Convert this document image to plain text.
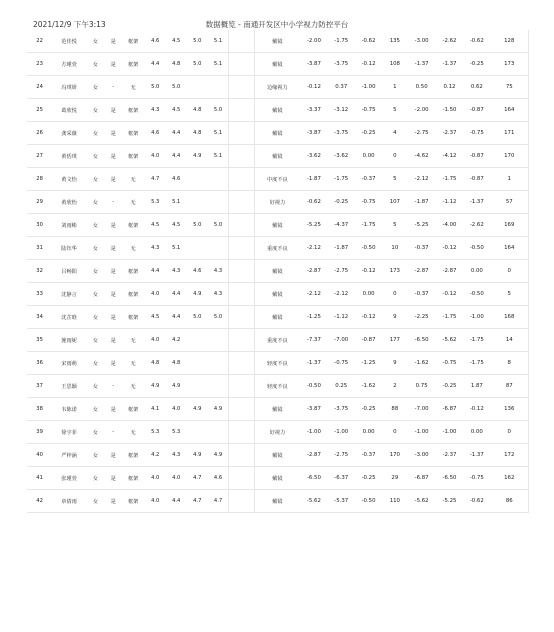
2021/12/9 下午3:13	数据概览 - 南通开发区中小学视力防控平台
22	范佳悦	女	是	框架	4.6	4.5	5.0	5.1			戴镜	-2.00	-1.75	-0.62	135	-3.00	-2.62	-0.62	128
23	方瑾萱	女	是	框架	4.4	4.8	5.0	5.1			戴镜	-3.87	-3.75	-0.12	108	-1.37	-1.37	-0.25	173
24	冯琪妍	女	-	无	5.0	5.0					边缘视力	-0.12	0.37	-1.00	1	0.50	0.12	0.62	75
25	葛欣悦	女	是	框架	4.3	4.5	4.8	5.0			戴镜	-3.37	-3.12	-0.75	5	-2.00	-1.50	-0.87	164
26	龚采薇	女	是	框架	4.6	4.4	4.8	5.1			戴镜	-3.87	-3.75	-0.25	4	-2.75	-2.37	-0.75	171
27	黄恬琪	女	是	框架	4.0	4.4	4.9	5.1			戴镜	-3.62	-3.62	0.00	0	-4.62	-4.12	-0.87	170
28	黄文怡	女	是	无	4.7	4.6					中度不良	-1.87	-1.75	-0.37	5	-2.12	-1.75	-0.87	1
29	黄欣怡	女	-	无	5.3	5.1					好视力	-0.62	-0.25	-0.75	107	-1.87	-1.12	-1.37	57
30	刘雨彬	女	是	框架	4.5	4.5	5.0	5.0			戴镜	-5.25	-4.37	-1.75	5	-5.25	-4.00	-2.62	169
31	陆钰华	女	是	无	4.3	5.1					重度不良	-2.12	-1.87	-0.50	10	-0.37	-0.12	-0.50	164
32	吕畅阳	女	是	框架	4.4	4.3	4.6	4.3			戴镜	-2.87	-2.75	-0.12	173	-2.87	-2.87	0.00	0
33	沈静言	女	是	框架	4.0	4.4	4.9	4.3			戴镜	-2.12	-2.12	0.00	0	-0.37	-0.12	-0.50	5
34	沈芷晗	女	是	框架	4.5	4.4	5.0	5.0			戴镜	-1.25	-1.12	-0.12	9	-2.25	-1.75	-1.00	168
35	施雨妮	女	是	无	4.0	4.2					重度不良	-7.37	-7.00	-0.87	177	-6.50	-5.62	-1.75	14
36	宋雨萌	女	是	无	4.8	4.8					轻度不良	-1.37	-0.75	-1.25	9	-1.62	-0.75	-1.75	8
37	王思颖	女	-	无	4.9	4.9					轻度不良	-0.50	0.25	-1.62	2	0.75	-0.25	1.87	87
38	韦陈诺	女	是	框架	4.1	4.0	4.9	4.9			戴镜	-3.87	-3.75	-0.25	88	-7.00	-6.87	-0.12	136
39	徐宇菲	女	-	无	5.3	5.3					好视力	-1.00	-1.00	0.00	0	-1.00	-1.00	0.00	0
40	严梓涵	女	是	框架	4.2	4.3	4.9	4.9			戴镜	-2.87	-2.75	-0.37	170	-3.00	-2.37	-1.37	172
41	张瑾萱	女	是	框架	4.0	4.0	4.7	4.6			戴镜	-6.50	-6.37	-0.25	29	-6.87	-6.50	-0.75	162
42	章倩雨	女	是	框架	4.0	4.4	4.7	4.7			戴镜	-5.62	-5.37	-0.50	110	-5.62	-5.25	-0.62	86
